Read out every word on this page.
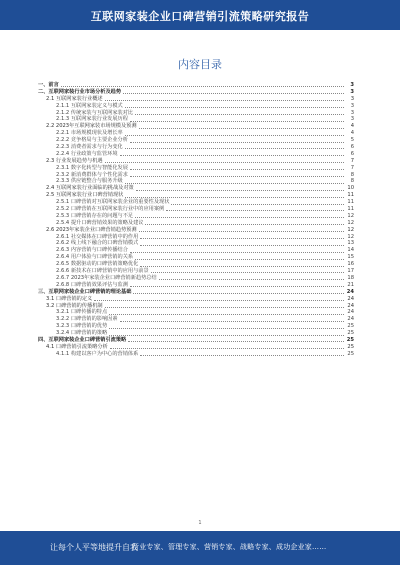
互联网家装企业口碑营销引流策略研究报告
内容目录
一、前言	3
二、互联网家装行业市场分析及趋势	3
2.1 互联网家装行业概述	3
2.1.1 互联网家装定义与模式	3
2.1.2 传统家装与互联网家装对比	3
2.1.3 互联网家装行业发展历程	3
2.2 2023年互联网家装市场规模及预测	4
2.2.1 市场规模现状及增长率	4
2.2.2 竞争格局与主要企业分析	5
2.2.3 消费者需求与行为变化	6
2.2.4 行业政策与监管环境	6
2.3 行业发展趋势与机遇	7
2.3.1 数字化转型与智能化发展	7
2.3.2 新消费群体与个性化需求	8
2.3.3 供应链整合与服务升级	8
2.4 互联网家装行业面临的挑战及对策	10
2.5 互联网家装行业口碑营销现状	11
2.5.1 口碑营销对互联网家装企业的重要性及现状	11
2.5.2 口碑营销在互联网家装行业中的应用案例	11
2.5.3 口碑营销存在的问题与不足	12
2.5.4 提升口碑营销效果的策略及建议	12
2.6 2023年家装企业口碑营销趋势预测	12
2.6.1 社交媒体在口碑营销中的作用	12
2.6.2 线上线下融合的口碑营销模式	13
2.6.3 内容营销与口碑传播结合	14
2.6.4 用户体验与口碑营销的关系	15
2.6.5 数据驱动的口碑营销策略优化	16
2.6.6 新技术在口碑营销中的应用与前景	17
2.6.7 2023年家装企业口碑营销新趋势总结	18
2.6.8 口碑营销效果评估与监测	21
三、互联网家装企业口碑营销的理论基础	24
3.1 口碑营销的定义	24
3.2 口碑营销的传播机制	24
3.2.1 口碑传播的特点	24
3.2.2 口碑营销的影响因素	24
3.2.3 口碑营销的优势	25
3.2.4 口碑营销的策略	25
四、互联网家装企业口碑营销引流策略	25
4.1 口碑营销引流策略分析	25
4.1.1 构建以客户为中心的营销体系	25
1
让每个人平等地提升自我
行业专家、管理专家、营销专家、战略专家、成功企业家……
